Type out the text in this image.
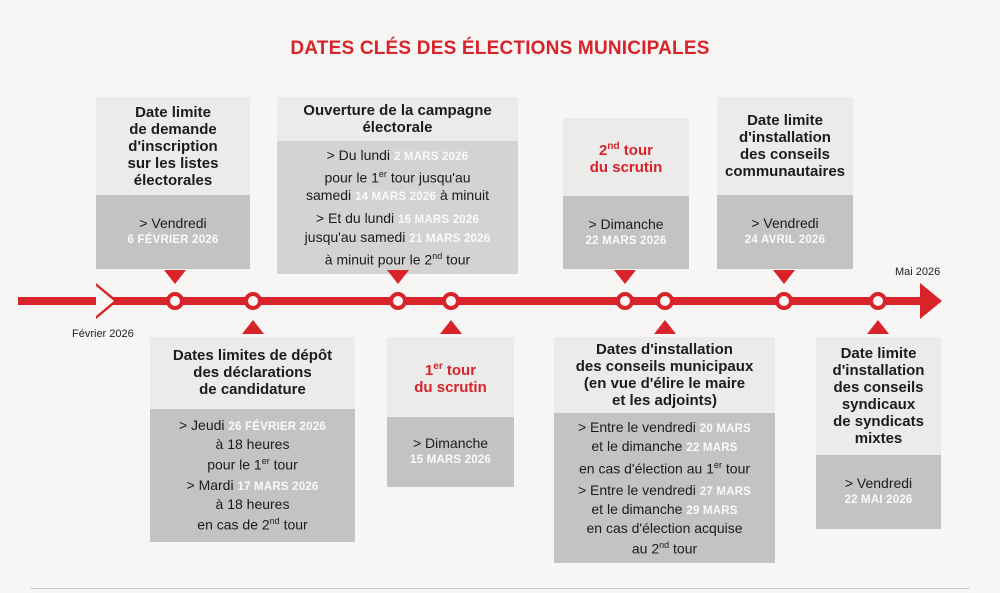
DATES CLÉS DES ÉLECTIONS MUNICIPALES
Date limite
de demande
d'inscription
sur les listes
électorales
> Vendredi
6 FÉVRIER 2026
Ouverture de la campagne
électorale
> Du lundi 2 MARS 2026
pour le 1er tour jusqu'au
samedi 14 MARS 2026 à minuit
> Et du lundi 16 MARS 2026
jusqu'au samedi 21 MARS 2026
à minuit pour le 2nd tour
2nd tour
du scrutin
> Dimanche
22 MARS 2026
Date limite
d'installation
des conseils
communautaires
> Vendredi
24 AVRIL 2026
Février 2026
Mai 2026
Dates limites de dépôt
des déclarations
de candidature
> Jeudi 26 FÉVRIER 2026
à 18 heures
pour le 1er tour
> Mardi 17 MARS 2026
à 18 heures
en cas de 2nd tour
1er tour
du scrutin
> Dimanche
15 MARS 2026
Dates d'installation
des conseils municipaux
(en vue d'élire le maire
et les adjoints)
> Entre le vendredi 20 MARS
et le dimanche 22 MARS
en cas d'élection au 1er tour
> Entre le vendredi 27 MARS
et le dimanche 29 MARS
en cas d'élection acquise
au 2nd tour
Date limite
d'installation
des conseils
syndicaux
de syndicats
mixtes
> Vendredi
22 MAI 2026
